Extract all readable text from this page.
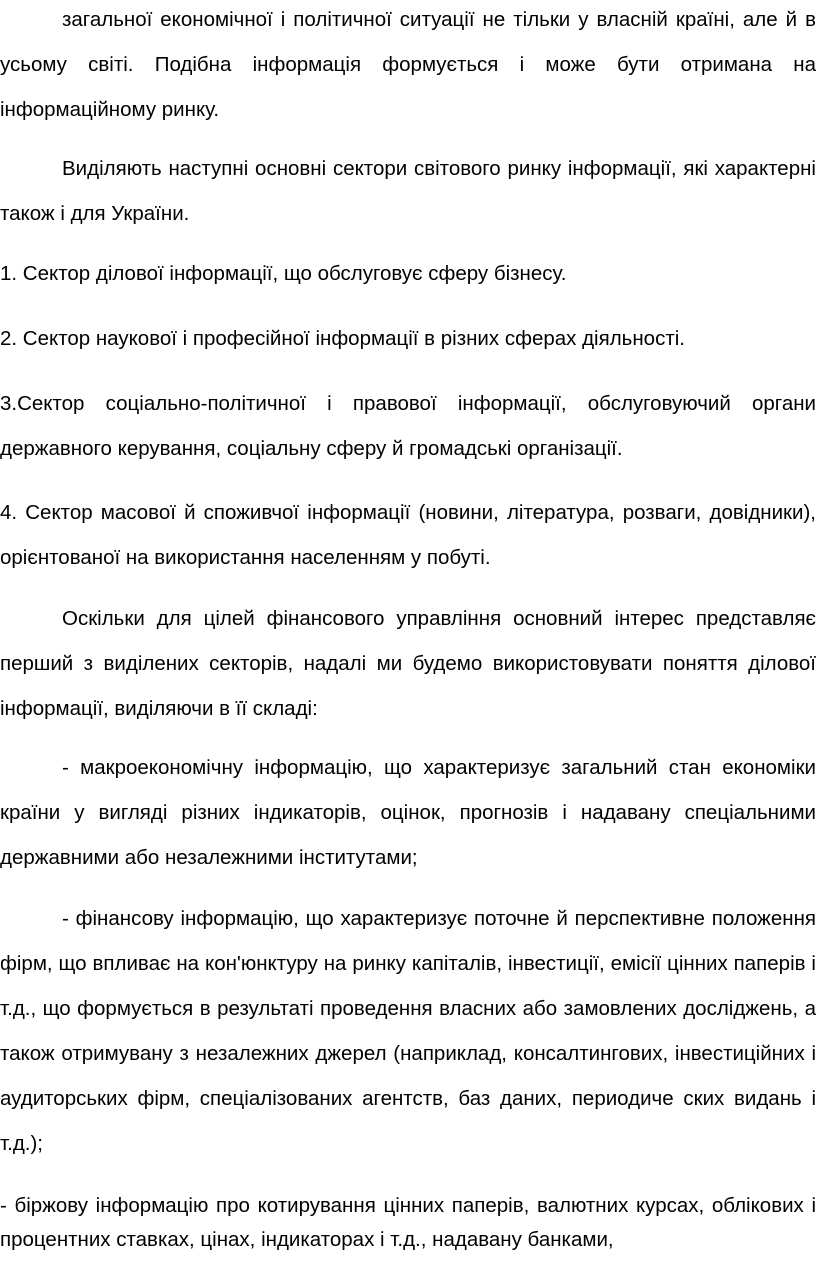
загальної економічної і політичної ситуації не тільки у власній країні, але й в усьому світі. Подібна інформація формується і може бути отримана на інформаційному ринку.

Виділяють наступні основні сектори світового ринку інформації, які характерні також і для України.

1. Сектор ділової інформації, що обслуговує сферу бізнесу.

2. Сектор наукової і професійної інформації в різних сферах діяльності.

3.Сектор соціально-політичної і правової інформації, обслуговуючий органи державного керування, соціальну сферу й громадські організації.

4. Сектор масової й споживчої інформації (новини, література, розваги, довідники), орієнтованої на використання населенням у побуті.

Оскільки для цілей фінансового управління основний інтерес представляє перший з виділених секторів, надалі ми будемо використовувати поняття ділової інформації, виділяючи в її складі:

- макроекономічну інформацію, що характеризує загальний стан економіки країни у вигляді різних індикаторів, оцінок, прогнозів і надавану спеціальними державними або незалежними інститутами;

- фінансову інформацію, що характеризує поточне й перспективне положення фірм, що впливає на кон'юнктуру на ринку капіталів, інвестиції, емісії цінних паперів і т.д., що формується в результаті проведення власних або замовлених досліджень, а також отримувану з незалежних джерел (наприклад, консалтингових, інвестиційних і аудиторських фірм, спеціалізованих агентств, баз даних, периодиче ских видань і т.д.);

- біржову інформацію про котирування цінних паперів, валютних курсах, облікових і процентних ставках, цінах, індикаторах і т.д., надавану банками,
